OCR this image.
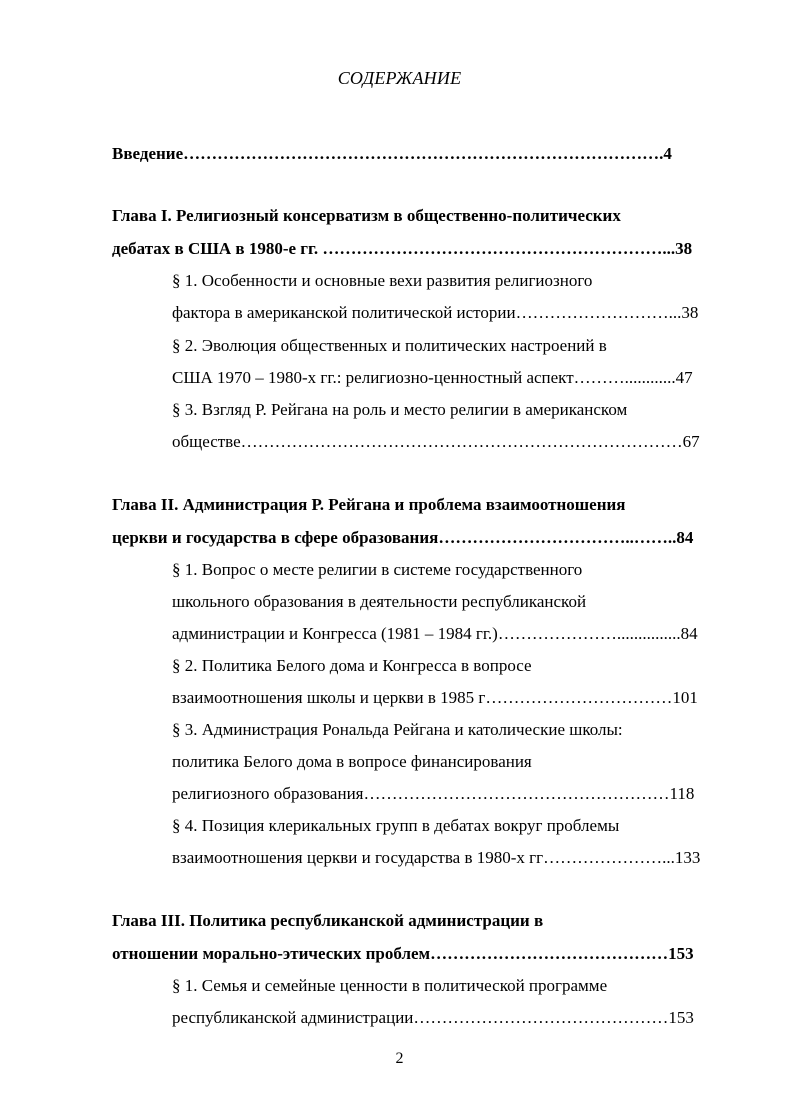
СОДЕРЖАНИЕ
Введение………………………………………………………………………….4
Глава I. Религиозный консерватизм в общественно-политических
дебатах в США в 1980-е гг. ……………………………………………………...38
§ 1. Особенности и основные вехи развития религиозного
фактора в американской политической истории………………………...38
§ 2. Эволюция общественных и политических настроений в
США 1970 – 1980-х гг.: религиозно-ценностный аспект………............47
§ 3. Взгляд Р. Рейгана на роль и место религии в американском
обществе……………………………………………………………………67
Глава II. Администрация Р. Рейгана и проблема взаимоотношения
церкви и государства в сфере образования……………………………..……..84
§ 1. Вопрос о месте религии в системе государственного
школьного образования в деятельности республиканской
администрации и Конгресса (1981 – 1984 гг.)…………………...............84
§ 2. Политика Белого дома и Конгресса в вопросе
взаимоотношения школы и церкви в 1985 г……………………………101
§ 3. Администрация Рональда Рейгана и католические школы:
политика Белого дома в вопросе финансирования
религиозного образования………………………………………………118
§ 4. Позиция клерикальных групп в дебатах вокруг проблемы
взаимоотношения церкви и государства в 1980-х гг…………………...133
Глава III. Политика республиканской администрации в
отношении морально-этических проблем……………………………………153
§ 1. Семья и семейные ценности в политической программе
республиканской администрации………………………………………153
2
